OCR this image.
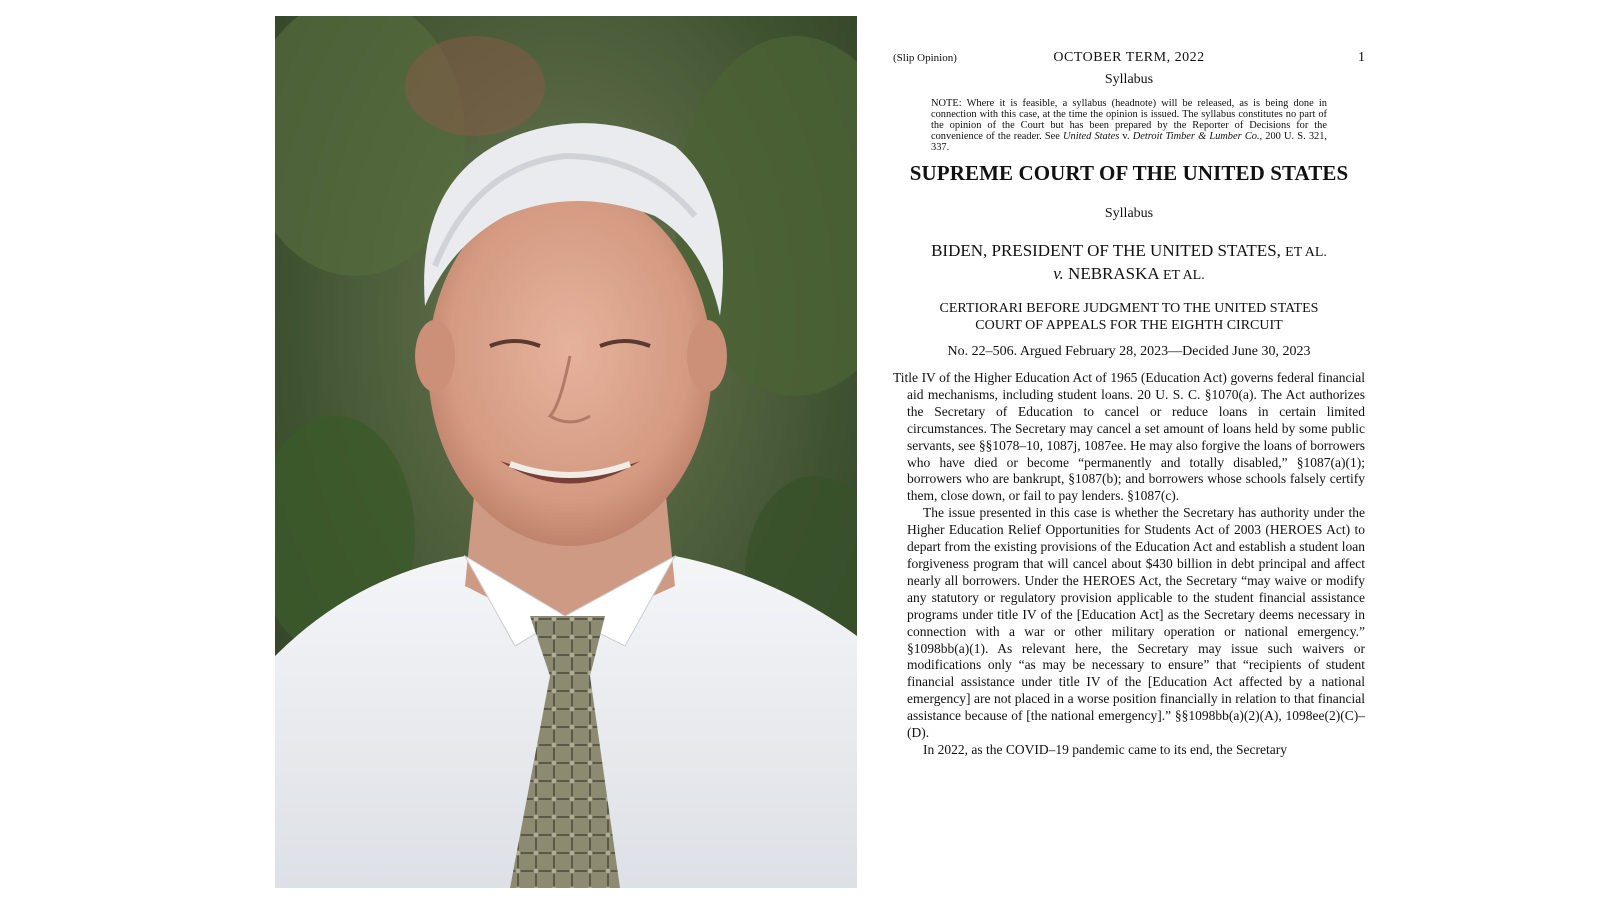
(Slip Opinion)	OCTOBER TERM, 2022	1
Syllabus
NOTE: Where it is feasible, a syllabus (headnote) will be released, as is being done in connection with this case, at the time the opinion is issued. The syllabus constitutes no part of the opinion of the Court but has been prepared by the Reporter of Decisions for the convenience of the reader. See United States v. Detroit Timber & Lumber Co., 200 U. S. 321, 337.
SUPREME COURT OF THE UNITED STATES
Syllabus
BIDEN, PRESIDENT OF THE UNITED STATES, ET AL.
v. NEBRASKA ET AL.
CERTIORARI BEFORE JUDGMENT TO THE UNITED STATES
COURT OF APPEALS FOR THE EIGHTH CIRCUIT
No. 22–506. Argued February 28, 2023—Decided June 30, 2023

Title IV of the Higher Education Act of 1965 (Education Act) governs federal financial aid mechanisms, including student loans. 20 U. S. C. §1070(a). The Act authorizes the Secretary of Education to cancel or reduce loans in certain limited circumstances. The Secretary may cancel a set amount of loans held by some public servants, see §§1078–10, 1087j, 1087ee. He may also forgive the loans of borrowers who have died or become “permanently and totally disabled,” §1087(a)(1); borrowers who are bankrupt, §1087(b); and borrowers whose schools falsely certify them, close down, or fail to pay lenders. §1087(c).

The issue presented in this case is whether the Secretary has authority under the Higher Education Relief Opportunities for Students Act of 2003 (HEROES Act) to depart from the existing provisions of the Education Act and establish a student loan forgiveness program that will cancel about $430 billion in debt principal and affect nearly all borrowers. Under the HEROES Act, the Secretary “may waive or modify any statutory or regulatory provision applicable to the student financial assistance programs under title IV of the [Education Act] as the Secretary deems necessary in connection with a war or other military operation or national emergency.” §1098bb(a)(1). As relevant here, the Secretary may issue such waivers or modifications only “as may be necessary to ensure” that “recipients of student financial assistance under title IV of the [Education Act affected by a national emergency] are not placed in a worse position financially in relation to that financial assistance because of [the national emergency].” §§1098bb(a)(2)(A), 1098ee(2)(C)–(D).

In 2022, as the COVID–19 pandemic came to its end, the Secretary
